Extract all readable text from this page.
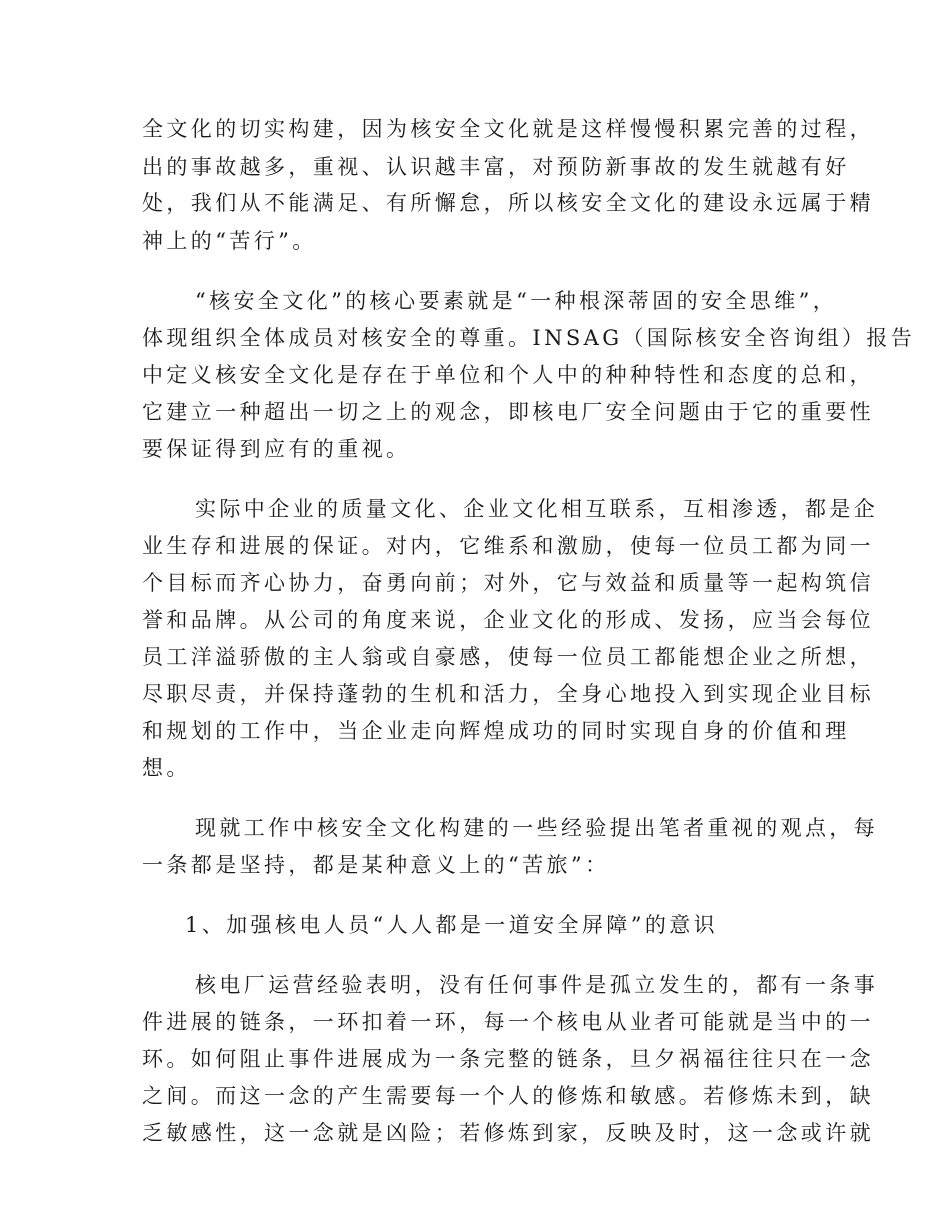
全文化的切实构建，因为核安全文化就是这样慢慢积累完善的过程，
出的事故越多，重视、认识越丰富，对预防新事故的发生就越有好
处，我们从不能满足、有所懈怠，所以核安全文化的建设永远属于精
神上的“苦行”。
“核安全文化”的核心要素就是“一种根深蒂固的安全思维”，
体现组织全体成员对核安全的尊重。INSAG（国际核安全咨询组）报告
中定义核安全文化是存在于单位和个人中的种种特性和态度的总和，
它建立一种超出一切之上的观念，即核电厂安全问题由于它的重要性
要保证得到应有的重视。
实际中企业的质量文化、企业文化相互联系，互相渗透，都是企
业生存和进展的保证。对内，它维系和激励，使每一位员工都为同一
个目标而齐心协力，奋勇向前；对外，它与效益和质量等一起构筑信
誉和品牌。从公司的角度来说，企业文化的形成、发扬，应当会每位
员工洋溢骄傲的主人翁或自豪感，使每一位员工都能想企业之所想，
尽职尽责，并保持蓬勃的生机和活力，全身心地投入到实现企业目标
和规划的工作中，当企业走向辉煌成功的同时实现自身的价值和理
想。
现就工作中核安全文化构建的一些经验提出笔者重视的观点，每
一条都是坚持，都是某种意义上的“苦旅”：
1、加强核电人员“人人都是一道安全屏障”的意识
核电厂运营经验表明，没有任何事件是孤立发生的，都有一条事
件进展的链条，一环扣着一环，每一个核电从业者可能就是当中的一
环。如何阻止事件进展成为一条完整的链条，旦夕祸福往往只在一念
之间。而这一念的产生需要每一个人的修炼和敏感。若修炼未到，缺
乏敏感性，这一念就是凶险；若修炼到家，反映及时，这一念或许就
